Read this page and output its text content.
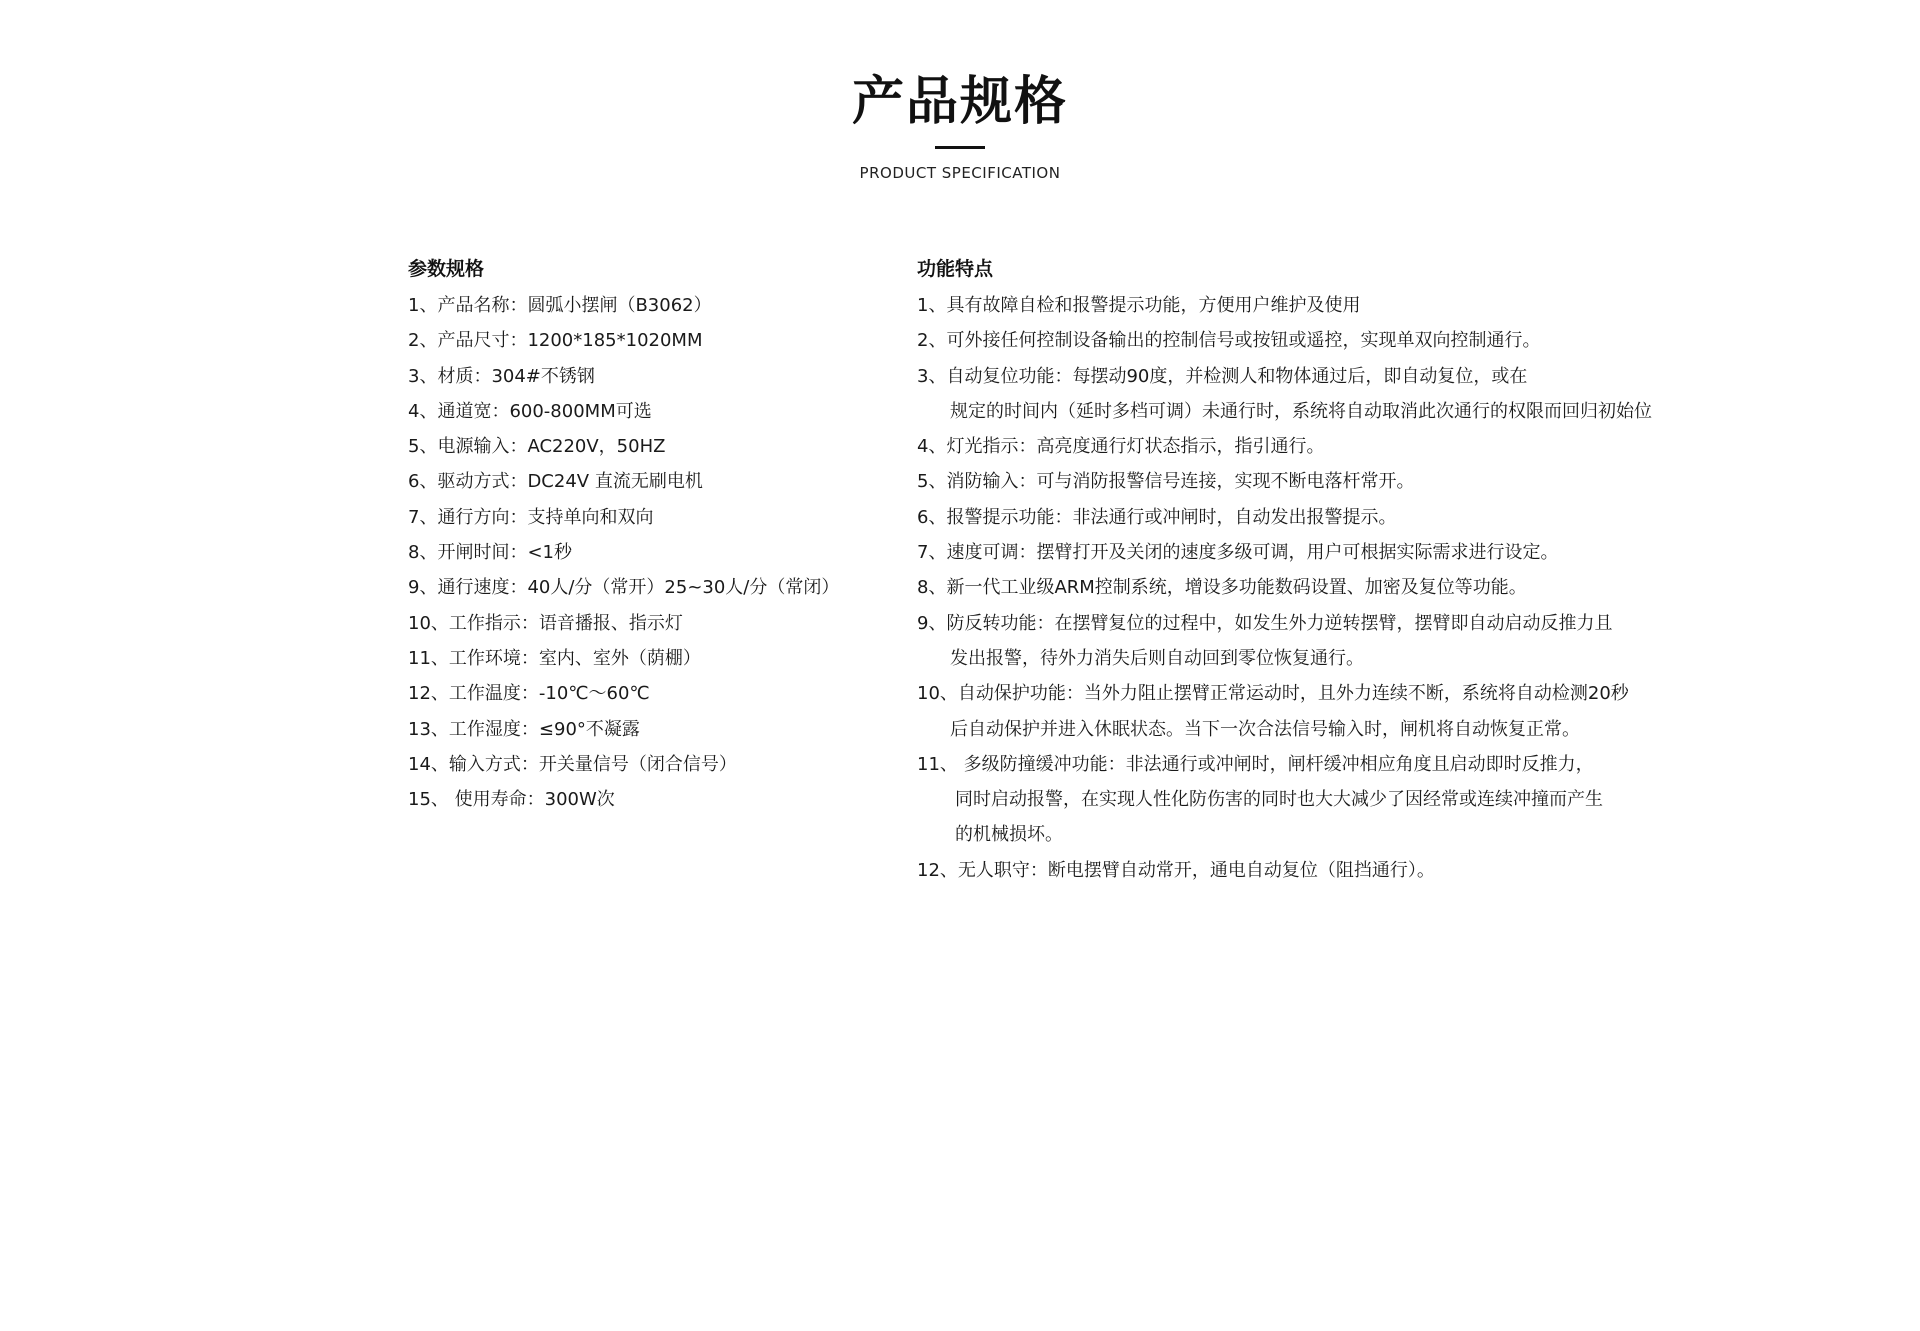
产品规格
PRODUCT SPECIFICATION
参数规格
1、产品名称：圆弧小摆闸（B3062）
2、产品尺寸：1200*185*1020MM
3、材质：304#不锈钢
4、通道宽：600-800MM可选
5、电源输入：AC220V，50HZ
6、驱动方式：DC24V 直流无刷电机
7、通行方向：支持单向和双向
8、开闸时间：<1秒
9、通行速度：40人/分（常开）25~30人/分（常闭）
10、工作指示：语音播报、指示灯
11、工作环境：室内、室外（荫棚）
12、工作温度：-10℃～60℃
13、工作湿度：≤90°不凝露
14、输入方式：开关量信号（闭合信号）
15、 使用寿命：300W次
功能特点
1、具有故障自检和报警提示功能，方便用户维护及使用
2、可外接任何控制设备输出的控制信号或按钮或遥控，实现单双向控制通行。
3、自动复位功能：每摆动90度，并检测人和物体通过后，即自动复位，或在
规定的时间内（延时多档可调）未通行时，系统将自动取消此次通行的权限而回归初始位
4、灯光指示：高亮度通行灯状态指示，指引通行。
5、消防输入：可与消防报警信号连接，实现不断电落杆常开。
6、报警提示功能：非法通行或冲闸时，自动发出报警提示。
7、速度可调：摆臂打开及关闭的速度多级可调，用户可根据实际需求进行设定。
8、新一代工业级ARM控制系统，增设多功能数码设置、加密及复位等功能。
9、防反转功能：在摆臂复位的过程中，如发生外力逆转摆臂，摆臂即自动启动反推力且
发出报警，待外力消失后则自动回到零位恢复通行。
10、自动保护功能：当外力阻止摆臂正常运动时，且外力连续不断，系统将自动检测20秒
后自动保护并进入休眠状态。当下一次合法信号输入时，闸机将自动恢复正常。
11、 多级防撞缓冲功能：非法通行或冲闸时，闸杆缓冲相应角度且启动即时反推力，
同时启动报警，在实现人性化防伤害的同时也大大减少了因经常或连续冲撞而产生
的机械损坏。
12、无人职守：断电摆臂自动常开，通电自动复位（阻挡通行）。
